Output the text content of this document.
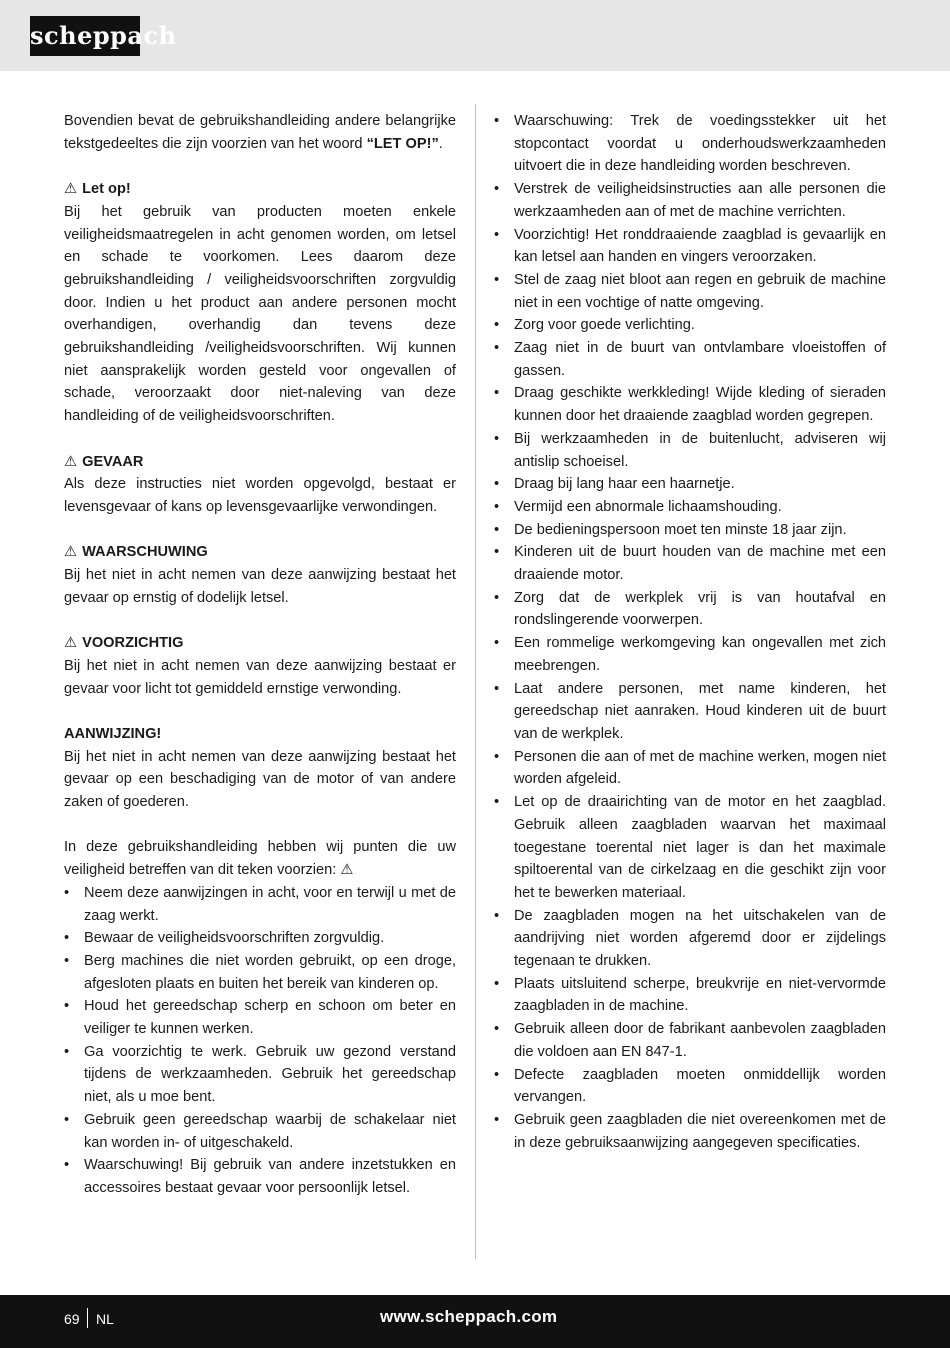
scheppach

Bovendien bevat de gebruikshandleiding andere belangrijke tekstgedeeltes die zijn voorzien van het woord “LET OP!”.

⚠ Let op!

Bij het gebruik van producten moeten enkele veiligheidsmaatregelen in acht genomen worden, om letsel en schade te voorkomen. Lees daarom deze gebruikshandleiding / veiligheidsvoorschriften zorgvuldig door. Indien u het product aan andere personen mocht overhandigen, overhandig dan tevens deze gebruikshandleiding /veiligheidsvoorschriften. Wij kunnen niet aansprakelijk worden gesteld voor ongevallen of schade, veroorzaakt door niet-naleving van deze handleiding of de veiligheidsvoorschriften.

⚠ GEVAAR

Als deze instructies niet worden opgevolgd, bestaat er levensgevaar of kans op levensgevaarlijke verwondingen.

⚠ WAARSCHUWING

Bij het niet in acht nemen van deze aanwijzing bestaat het gevaar op ernstig of dodelijk letsel.

⚠ VOORZICHTIG

Bij het niet in acht nemen van deze aanwijzing bestaat er gevaar voor licht tot gemiddeld ernstige verwonding.

AANWIJZING!

Bij het niet in acht nemen van deze aanwijzing bestaat het gevaar op een beschadiging van de motor of van andere zaken of goederen.

In deze gebruikshandleiding hebben wij punten die uw veiligheid betreffen van dit teken voorzien: ⚠

• Neem deze aanwijzingen in acht, voor en terwijl u met de zaag werkt.
• Bewaar de veiligheidsvoorschriften zorgvuldig.
• Berg machines die niet worden gebruikt, op een droge, afgesloten plaats en buiten het bereik van kinderen op.
• Houd het gereedschap scherp en schoon om beter en veiliger te kunnen werken.
• Ga voorzichtig te werk. Gebruik uw gezond verstand tijdens de werkzaamheden. Gebruik het gereedschap niet, als u moe bent.
• Gebruik geen gereedschap waarbij de schakelaar niet kan worden in- of uitgeschakeld.
• Waarschuwing! Bij gebruik van andere inzetstukken en accessoires bestaat gevaar voor persoonlijk letsel.
• Waarschuwing: Trek de voedingsstekker uit het stopcontact voordat u onderhoudswerkzaamheden uitvoert die in deze handleiding worden beschreven.
• Verstrek de veiligheidsinstructies aan alle personen die werkzaamheden aan of met de machine verrichten.
• Voorzichtig! Het ronddraaiende zaagblad is gevaarlijk en kan letsel aan handen en vingers veroorzaken.
• Stel de zaag niet bloot aan regen en gebruik de machine niet in een vochtige of natte omgeving.
• Zorg voor goede verlichting.
• Zaag niet in de buurt van ontvlambare vloeistoffen of gassen.
• Draag geschikte werkkleding! Wijde kleding of sieraden kunnen door het draaiende zaagblad worden gegrepen.
• Bij werkzaamheden in de buitenlucht, adviseren wij antislip schoeisel.
• Draag bij lang haar een haarnetje.
• Vermijd een abnormale lichaamshouding.
• De bedieningspersoon moet ten minste 18 jaar zijn.
• Kinderen uit de buurt houden van de machine met een draaiende motor.
• Zorg dat de werkplek vrij is van houtafval en rondslingerende voorwerpen.
• Een rommelige werkomgeving kan ongevallen met zich meebrengen.
• Laat andere personen, met name kinderen, het gereedschap niet aanraken. Houd kinderen uit de buurt van de werkplek.
• Personen die aan of met de machine werken, mogen niet worden afgeleid.
• Let op de draairichting van de motor en het zaagblad. Gebruik alleen zaagbladen waarvan het maximaal toegestane toerental niet lager is dan het maximale spiltoerental van de cirkelzaag en die geschikt zijn voor het te bewerken materiaal.
• De zaagbladen mogen na het uitschakelen van de aandrijving niet worden afgeremd door er zijdelings tegenaan te drukken.
• Plaats uitsluitend scherpe, breukvrije en niet-vervormde zaagbladen in de machine.
• Gebruik alleen door de fabrikant aanbevolen zaagbladen die voldoen aan EN 847-1.
• Defecte zaagbladen moeten onmiddellijk worden vervangen.
• Gebruik geen zaagbladen die niet overeenkomen met de in deze gebruiksaanwijzing aangegeven specificaties.
69 NL	www.scheppach.com
